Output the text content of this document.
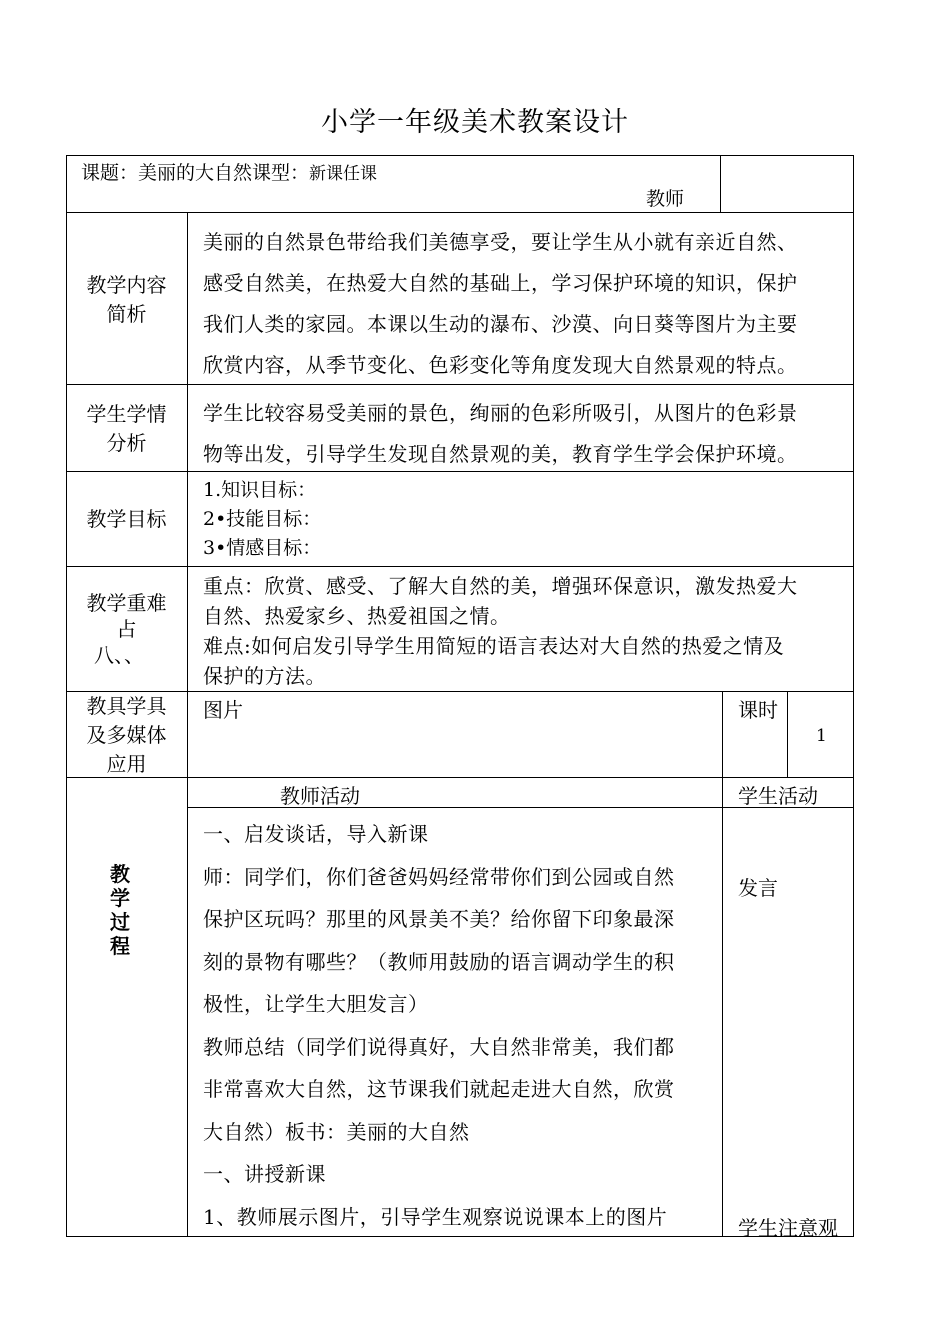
小学一年级美术教案设计
课题：美丽的大自然课型：新课任课
教师
教学内容
简析
美丽的自然景色带给我们美德享受，要让学生从小就有亲近自然、
感受自然美，在热爱大自然的基础上，学习保护环境的知识，保护
我们人类的家园。本课以生动的瀑布、沙漠、向日葵等图片为主要
欣赏内容，从季节变化、色彩变化等角度发现大自然景观的特点。
学生学情
分析
学生比较容易受美丽的景色，绚丽的色彩所吸引，从图片的色彩景
物等出发，引导学生发现自然景观的美，教育学生学会保护环境。
教学目标
1.知识目标：
2•技能目标：
3•情感目标：
教学重难
占
八、、
重点：欣赏、感受、了解大自然的美，增强环保意识，激发热爱大
自然、热爱家乡、热爱祖国之情。
难点:如何启发引导学生用简短的语言表达对大自然的热爱之情及
保护的方法。
教具学具
及多媒体
应用
图片	课时
1
教
学
过
程
教师活动	学生活动
一、启发谈话，导入新课
师：同学们，你们爸爸妈妈经常带你们到公园或自然
保护区玩吗？那里的风景美不美？给你留下印象最深
刻的景物有哪些？（教师用鼓励的语言调动学生的积
极性，让学生大胆发言）
教师总结（同学们说得真好，大自然非常美，我们都
非常喜欢大自然，这节课我们就起走进大自然，欣赏
大自然）板书：美丽的大自然
一、讲授新课
1、教师展示图片，引导学生观察说说课本上的图片
发言
学生注意观
